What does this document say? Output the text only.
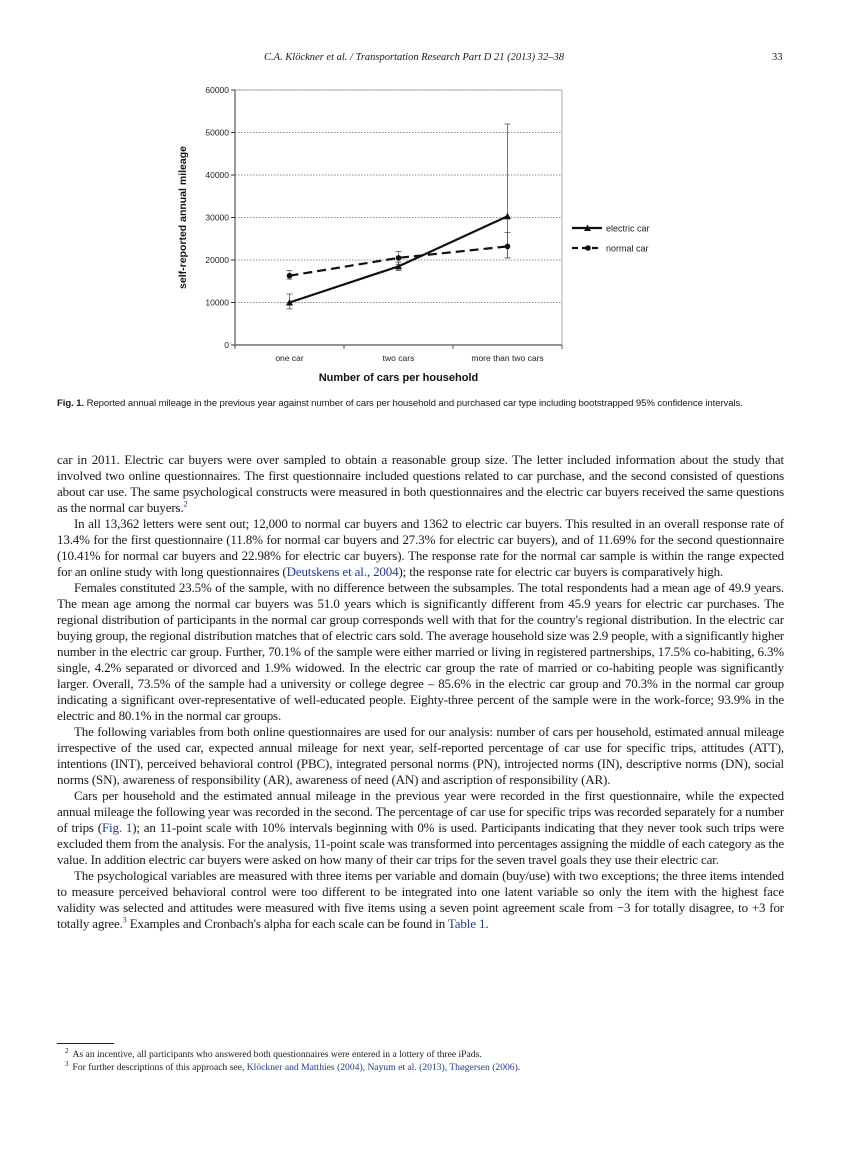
C.A. Klöckner et al. / Transportation Research Part D 21 (2013) 32–38	33
0
10000
20000
30000
40000
50000
60000
one car	two cars	more than two cars
Number of cars per household
self-reported annual mileage	electric car
normal car
Fig. 1. Reported annual mileage in the previous year against number of cars per household and purchased car type including bootstrapped 95% confidence intervals.

car in 2011. Electric car buyers were over sampled to obtain a reasonable group size. The letter included information about the study that involved two online questionnaires. The first questionnaire included questions related to car purchase, and the second consisted of questions about car use. The same psychological constructs were measured in both questionnaires and the electric car buyers received the same questions as the normal car buyers.$^2$

In all 13,362 letters were sent out; 12,000 to normal car buyers and 1362 to electric car buyers. This resulted in an overall response rate of 13.4% for the first questionnaire (11.8% for normal car buyers and 27.3% for electric car buyers), and of 11.69% for the second questionnaire (10.41% for normal car buyers and 22.98% for electric car buyers). The response rate for the normal car sample is within the range expected for an online study with long questionnaires (Deutskens et al., 2004); the response rate for electric car buyers is comparatively high.

Females constituted 23.5% of the sample, with no difference between the subsamples. The total respondents had a mean age of 49.9 years. The mean age among the normal car buyers was 51.0 years which is significantly different from 45.9 years for electric car purchases. The regional distribution of participants in the normal car group corresponds well with that for the country's regional distribution. In the electric car buying group, the regional distribution matches that of electric cars sold. The average household size was 2.9 people, with a significantly higher number in the electric car group. Further, 70.1% of the sample were either married or living in registered partnerships, 17.5% co-habiting, 6.3% single, 4.2% separated or divorced and 1.9% widowed. In the electric car group the rate of married or co-habiting people was significantly larger. Overall, 73.5% of the sample had a university or college degree – 85.6% in the electric car group and 70.3% in the normal car group indicating a significant over-representative of well-educated people. Eighty-three percent of the sample were in the work-force; 93.9% in the electric and 80.1% in the normal car groups.

The following variables from both online questionnaires are used for our analysis: number of cars per household, estimated annual mileage irrespective of the used car, expected annual mileage for next year, self-reported percentage of car use for specific trips, attitudes (ATT), intentions (INT), perceived behavioral control (PBC), integrated personal norms (PN), introjected norms (IN), descriptive norms (DN), social norms (SN), awareness of responsibility (AR), awareness of need (AN) and ascription of responsibility (AR).

Cars per household and the estimated annual mileage in the previous year were recorded in the first questionnaire, while the expected annual mileage the following year was recorded in the second. The percentage of car use for specific trips was recorded separately for a number of trips (Fig. 1); an 11-point scale with 10% intervals beginning with 0% is used. Participants indicating that they never took such trips were excluded them from the analysis. For the analysis, 11-point scale was transformed into percentages assigning the middle of each category as the value. In addition electric car buyers were asked on how many of their car trips for the seven travel goals they use their electric car.

The psychological variables are measured with three items per variable and domain (buy/use) with two exceptions; the three items intended to measure perceived behavioral control were too different to be integrated into one latent variable so only the item with the highest face validity was selected and attitudes were measured with five items using a seven point agreement scale from −3 for totally disagree, to +3 for totally agree.$^3$ Examples and Cronbach's alpha for each scale can be found in Table 1.

$^2$ As an incentive, all participants who answered both questionnaires were entered in a lottery of three iPads.
$^3$ For further descriptions of this approach see, Klöckner and Matthies (2004), Nayum et al. (2013), Thøgersen (2006).
